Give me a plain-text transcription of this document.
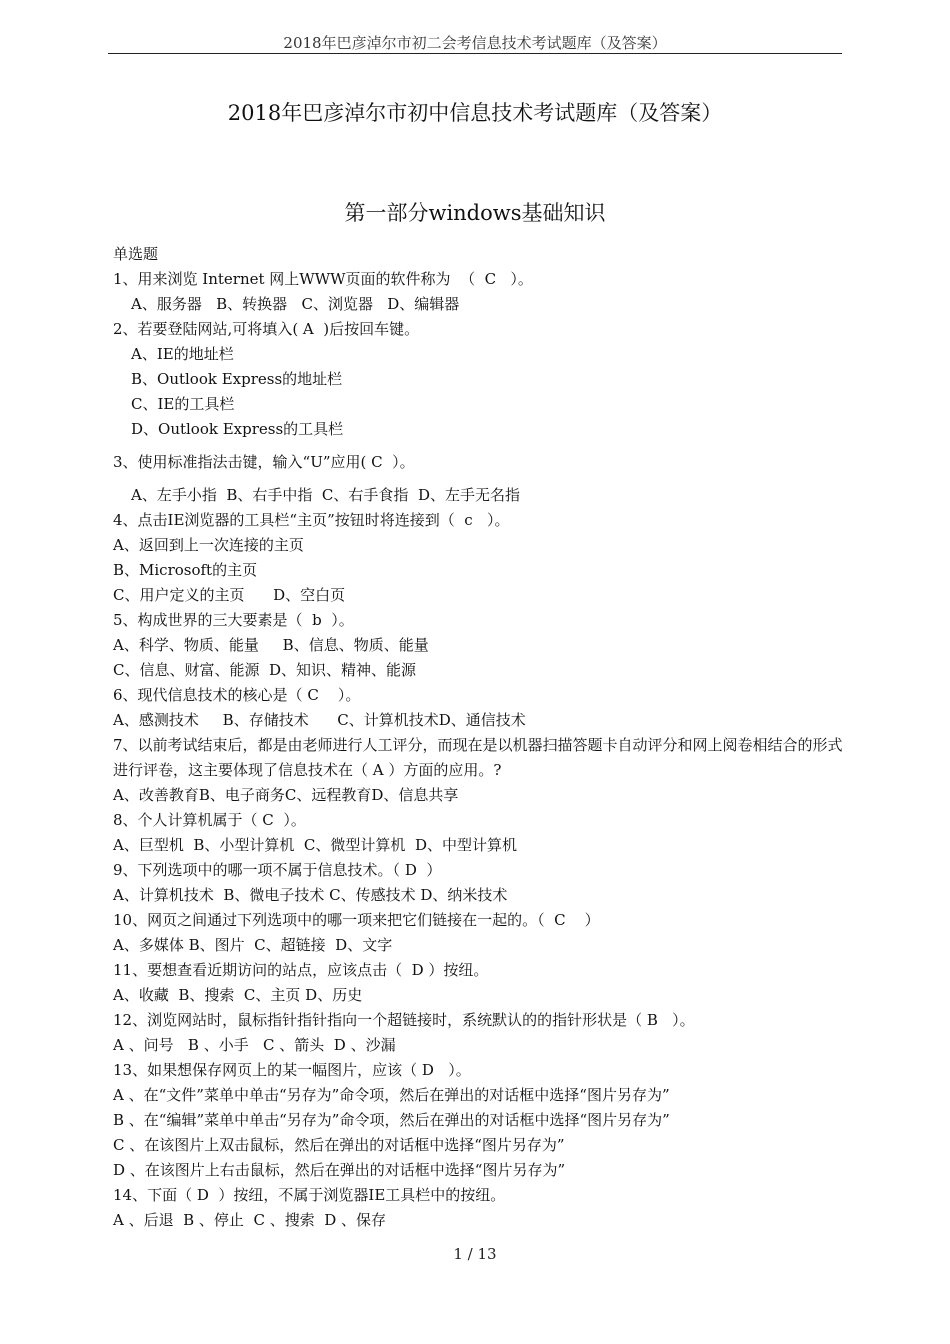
2018年巴彦淖尔市初二会考信息技术考试题库（及答案）
2018年巴彦淖尔市初中信息技术考试题库（及答案）
第一部分windows基础知识
单选题
1、用来浏览 Internet 网上WWW页面的软件称为  （  C   ）。
A、服务器   B、转换器   C、浏览器   D、编辑器
2、若要登陆网站,可将填入( A  )后按回车键。
A、IE的地址栏
B、Outlook Express的地址栏
C、IE的工具栏
D、Outlook Express的工具栏
3、使用标准指法击键，输入“U”应用( C  ）。
A、左手小指  B、右手中指  C、右手食指  D、左手无名指
4、点击IE浏览器的工具栏“主页”按钮时将连接到（  c   ）。
A、返回到上一次连接的主页
B、Microsoft的主页
C、用户定义的主页      D、空白页
5、构成世界的三大要素是（  b  ）。
A、科学、物质、能量     B、信息、物质、能量
C、信息、财富、能源  D、知识、精神、能源
6、现代信息技术的核心是（ C    ）。
A、感测技术     B、存储技术      C、计算机技术D、通信技术
7、以前考试结束后，都是由老师进行人工评分，而现在是以机器扫描答题卡自动评分和网上阅卷相结合的形式进行评卷，这主要体现了信息技术在（ A ）方面的应用。?
A、改善教育B、电子商务C、远程教育D、信息共享
8、个人计算机属于（ C  ）。
A、巨型机  B、小型计算机  C、微型计算机  D、中型计算机
9、下列选项中的哪一项不属于信息技术。（ D  ）
A、计算机技术  B、微电子技术 C、传感技术 D、纳米技术
10、网页之间通过下列选项中的哪一项来把它们链接在一起的。（  C    ）
A、多媒体 B、图片  C、超链接  D、文字
11、要想查看近期访问的站点，应该点击（  D ）按纽。
A、收藏  B、搜索  C、主页 D、历史
12、浏览网站时，鼠标指针指针指向一个超链接时，系统默认的的指针形状是（ B   ）。
A 、问号   B 、小手   C 、箭头  D 、沙漏
13、如果想保存网页上的某一幅图片，应该（ D   ）。
A 、在“文件”菜单中单击“另存为”命令项，然后在弹出的对话框中选择“图片另存为”
B 、在“编辑”菜单中单击“另存为”命令项，然后在弹出的对话框中选择“图片另存为”
C 、在该图片上双击鼠标，然后在弹出的对话框中选择“图片另存为”
D 、在该图片上右击鼠标，然后在弹出的对话框中选择“图片另存为”
14、下面（ D  ）按纽，不属于浏览器IE工具栏中的按纽。
A 、后退  B 、停止  C 、搜索  D 、保存
1 / 13
